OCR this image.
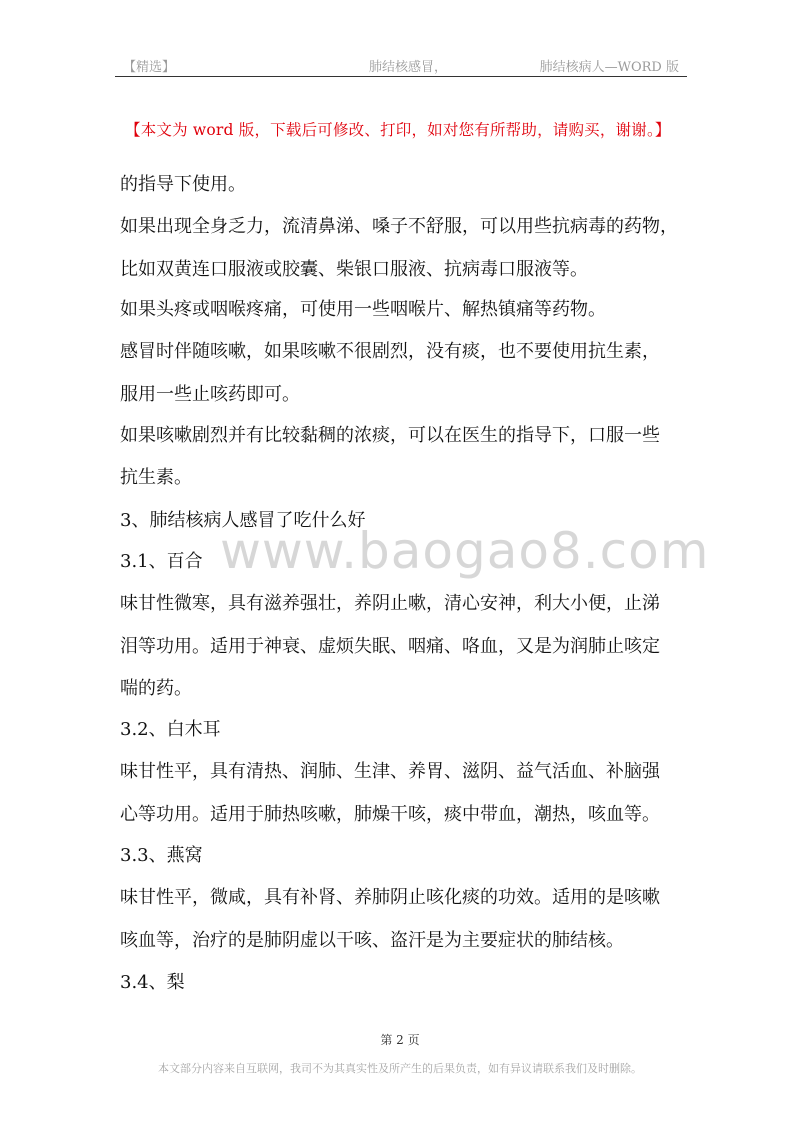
【精选】	肺结核感冒，	肺结核病人—WORD 版
【本文为 word 版，下载后可修改、打印，如对您有所帮助，请购买，谢谢。】
www.baogao8.com
的指导下使用。
如果出现全身乏力，流清鼻涕、嗓子不舒服，可以用些抗病毒的药物，
比如双黄连口服液或胶囊、柴银口服液、抗病毒口服液等。
如果头疼或咽喉疼痛，可使用一些咽喉片、解热镇痛等药物。
感冒时伴随咳嗽，如果咳嗽不很剧烈，没有痰，也不要使用抗生素，
服用一些止咳药即可。
如果咳嗽剧烈并有比较黏稠的浓痰，可以在医生的指导下，口服一些
抗生素。
3、肺结核病人感冒了吃什么好
3.1、百合
味甘性微寒，具有滋养强壮，养阴止嗽，清心安神，利大小便，止涕
泪等功用。适用于神衰、虚烦失眠、咽痛、咯血，又是为润肺止咳定
喘的药。
3.2、白木耳
味甘性平，具有清热、润肺、生津、养胃、滋阴、益气活血、补脑强
心等功用。适用于肺热咳嗽，肺燥干咳，痰中带血，潮热，咳血等。
3.3、燕窝
味甘性平，微咸，具有补肾、养肺阴止咳化痰的功效。适用的是咳嗽
咳血等，治疗的是肺阴虚以干咳、盗汗是为主要症状的肺结核。
3.4、梨
第 2 页
本文部分内容来自互联网，我司不为其真实性及所产生的后果负责，如有异议请联系我们及时删除。
